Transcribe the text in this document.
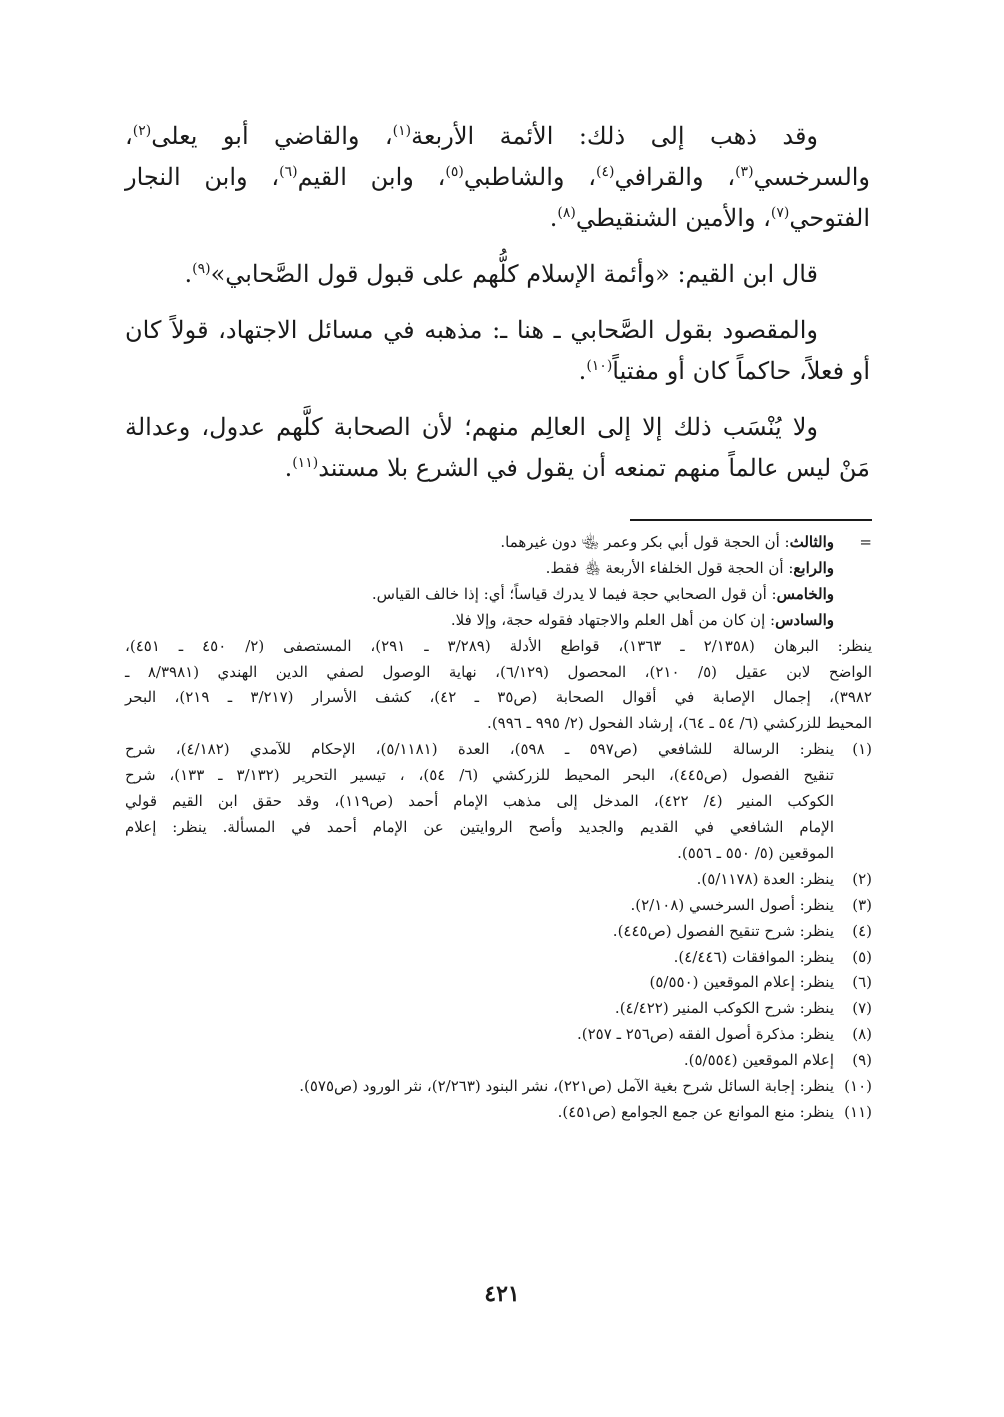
وقد ذهب إلى ذلك: الأئمة الأربعة$^{(١)}$، والقاضي أبو يعلى$^{(٢)}$، والسرخسي$^{(٣)}$، والقرافي$^{(٤)}$، والشاطبي$^{(٥)}$، وابن القيم$^{(٦)}$، وابن النجار الفتوحي$^{(٧)}$، والأمين الشنقيطي$^{(٨)}$.

قال ابن القيم: «وأئمة الإسلام كلُّهم على قبول قول الصَّحابي»$^{(٩)}$.

والمقصود بقول الصَّحابي ـ هنا ـ: مذهبه في مسائل الاجتهاد، قولاً كان أو فعلاً، حاكماً كان أو مفتياً$^{(١٠)}$.

ولا يُنْسَب ذلك إلا إلى العالِم منهم؛ لأن الصحابة كلَّهم عدول، وعدالة مَنْ ليس عالماً منهم تمنعه أن يقول في الشرع بلا مستند$^{(١١)}$.

=
والثالث: أن الحجة قول أبي بكر وعمر ﵄ دون غيرهما.
والرابع: أن الحجة قول الخلفاء الأربعة ﵃ فقط.
والخامس: أن قول الصحابي حجة فيما لا يدرك قياساً؛ أي: إذا خالف القياس.
والسادس: إن كان من أهل العلم والاجتهاد فقوله حجة، وإلا فلا.
ينظر: البرهان (٢/١٣٥٨ ـ ١٣٦٣)، قواطع الأدلة (٣/٢٨٩ ـ ٢٩١)، المستصفى (٢/ ٤٥٠ ـ ٤٥١)،
الواضح لابن عقيل (٥/ ٢١٠)، المحصول (٦/١٢٩)، نهاية الوصول لصفي الدين الهندي (٨/٣٩٨١ ـ
٣٩٨٢)، إجمال الإصابة في أقوال الصحابة (ص٣٥ ـ ٤٢)، كشف الأسرار (٣/٢١٧ ـ ٢١٩)، البحر
المحيط للزركشي (٦/ ٥٤ ـ ٦٤)، إرشاد الفحول (٢/ ٩٩٥ ـ ٩٩٦).
(١)
ينظر: الرسالة للشافعي (ص٥٩٧ ـ ٥٩٨)، العدة (٥/١١٨١)، الإحكام للآمدي (٤/١٨٢)، شرح
تنقيح الفصول (ص٤٤٥)، البحر المحيط للزركشي (٦/ ٥٤)، ، تيسير التحرير (٣/١٣٢ ـ ١٣٣)، شرح
الكوكب المنير (٤/ ٤٢٢)، المدخل إلى مذهب الإمام أحمد (ص١١٩)، وقد حقق ابن القيم قولي
الإمام الشافعي في القديم والجديد وأصح الروايتين عن الإمام أحمد في المسألة. ينظر: إعلام
الموقعين (٥/ ٥٥٠ ـ ٥٥٦).
(٢)
ينظر: العدة (٥/١١٧٨).
(٣)
ينظر: أصول السرخسي (٢/١٠٨).
(٤)
ينظر: شرح تنقيح الفصول (ص٤٤٥).
(٥)
ينظر: الموافقات (٤/٤٤٦).
(٦)
ينظر: إعلام الموقعين (٥/٥٥٠)
(٧)
ينظر: شرح الكوكب المنير (٤/٤٢٢).
(٨)
ينظر: مذكرة أصول الفقه (ص٢٥٦ ـ ٢٥٧).
(٩)
إعلام الموقعين (٥/٥٥٤).
(١٠)
ينظر: إجابة السائل شرح بغية الآمل (ص٢٢١)، نشر البنود (٢/٢٦٣)، نثر الورود (ص٥٧٥).
(١١)
ينظر: منع الموانع عن جمع الجوامع (ص٤٥١).
٤٢١
